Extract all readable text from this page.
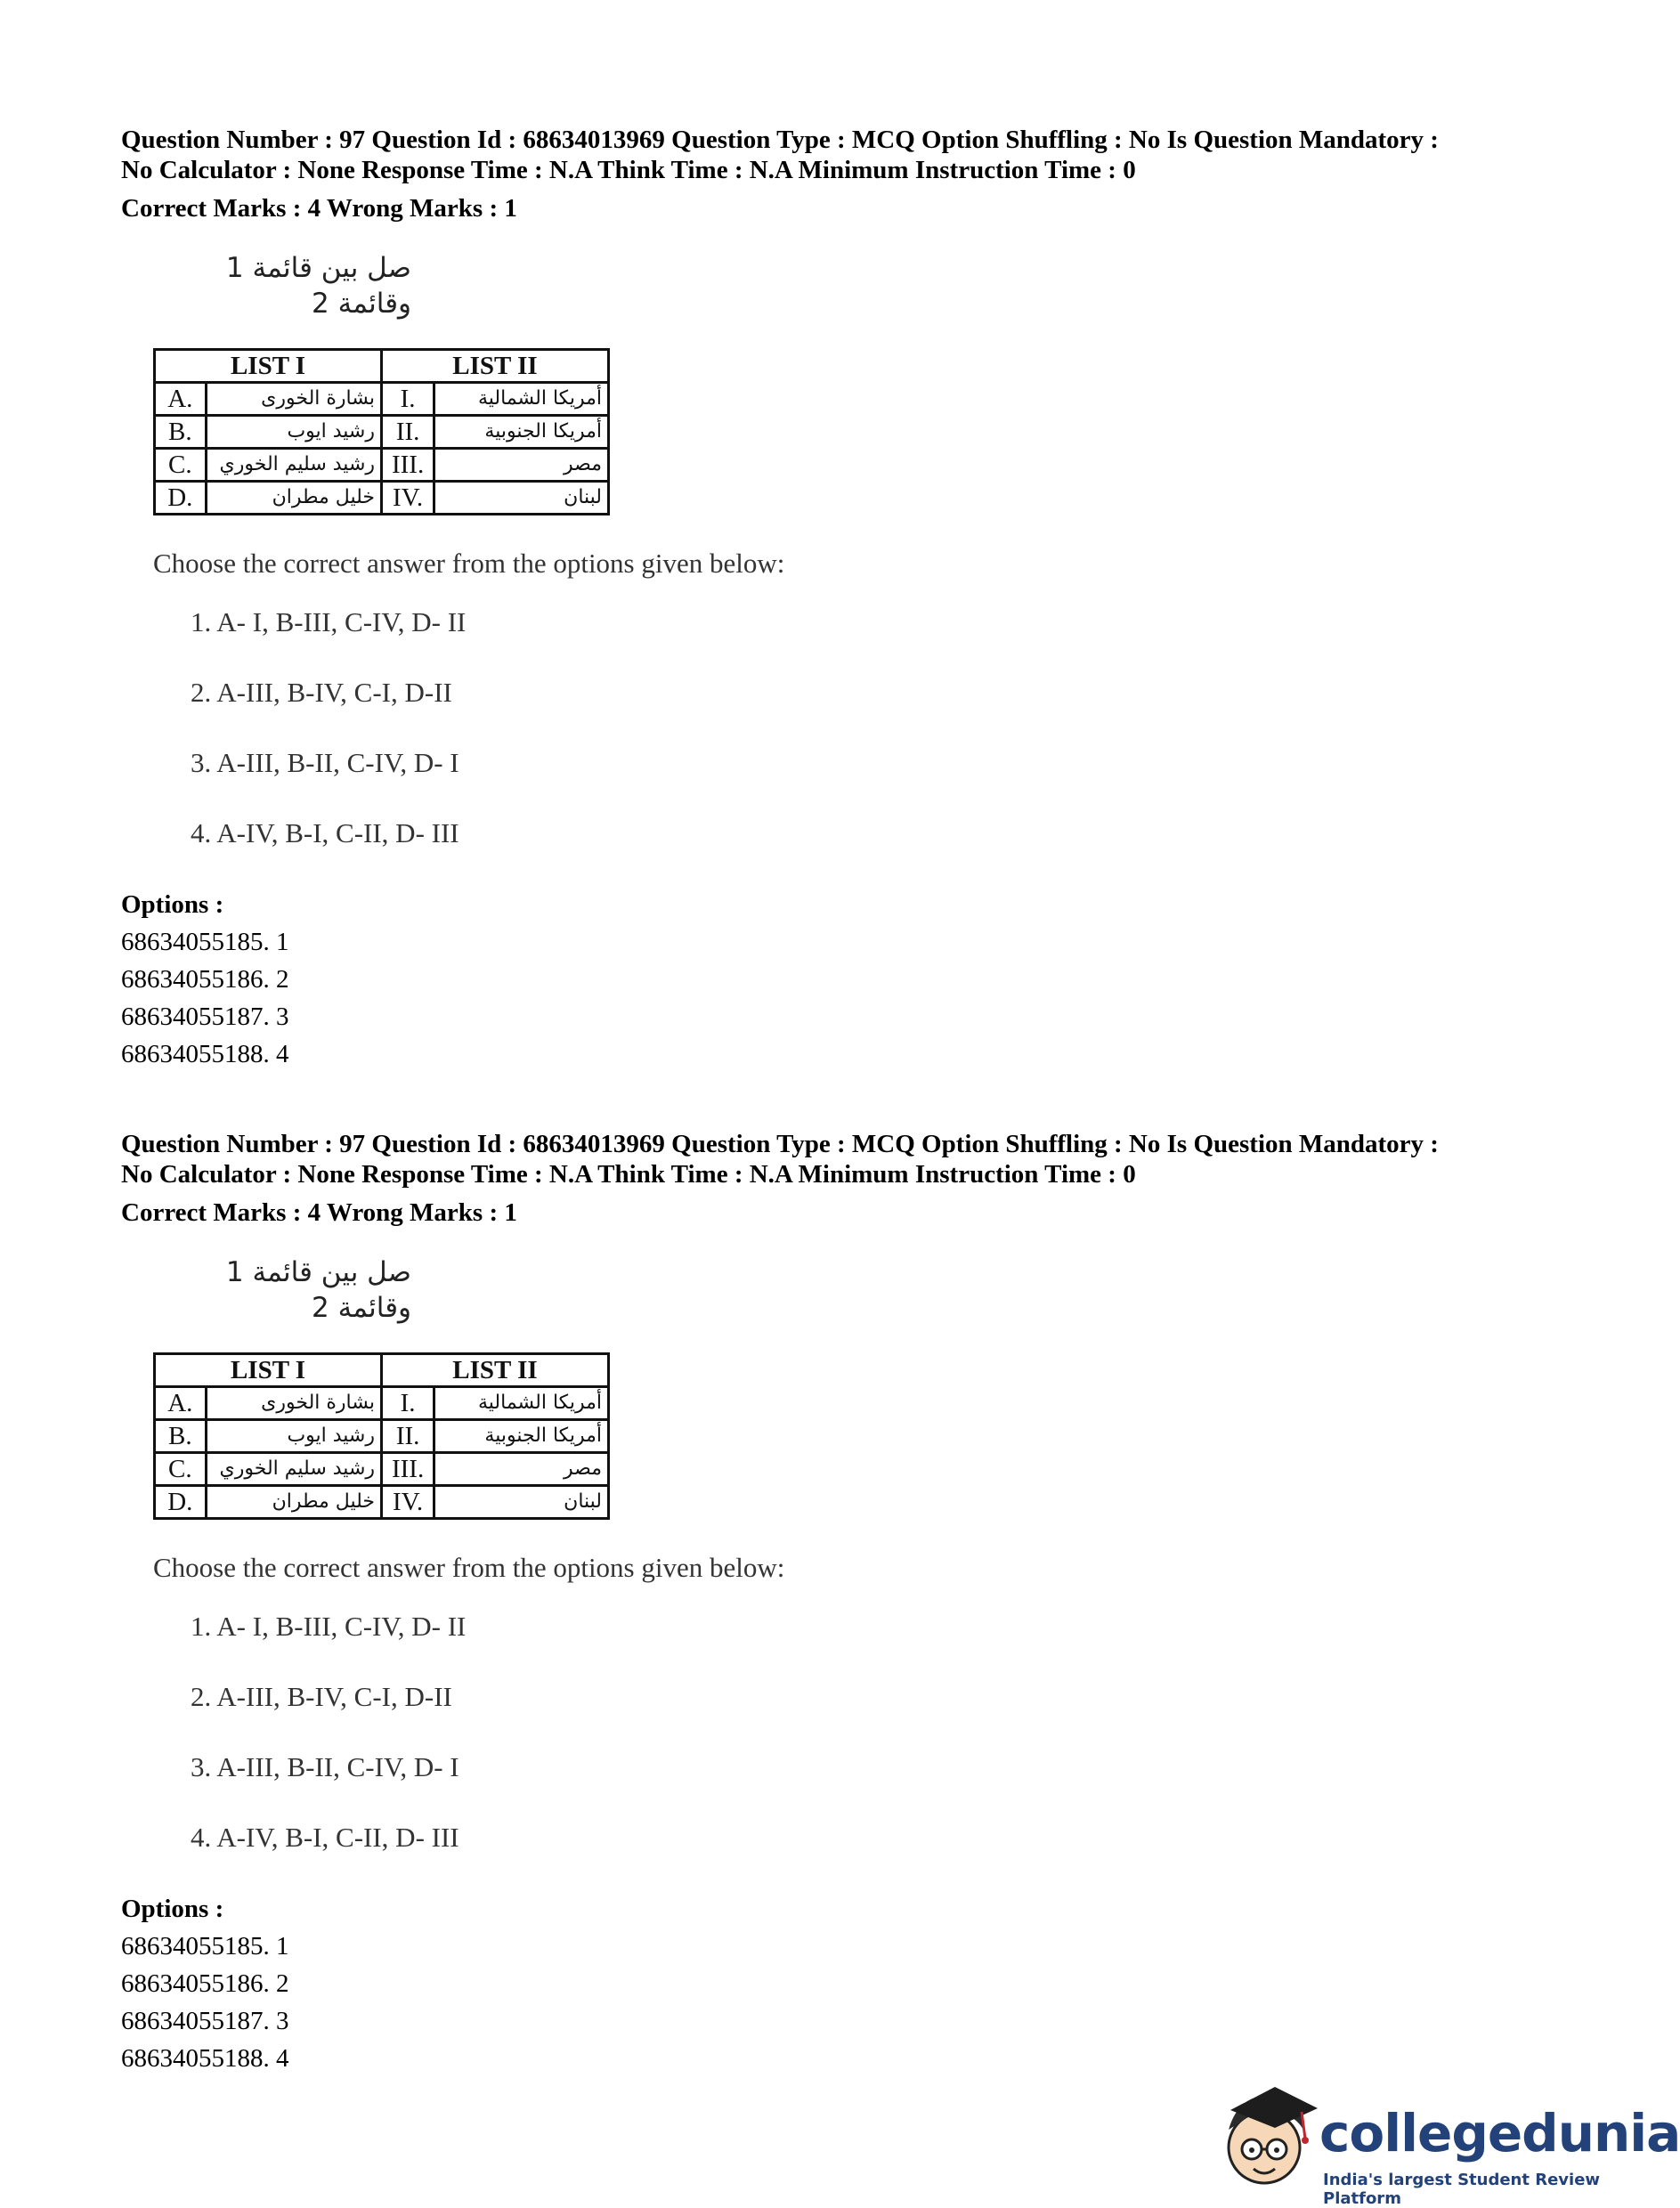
Question Number : 97 Question Id : 68634013969 Question Type : MCQ Option Shuffling : No Is Question Mandatory :
No Calculator : None Response Time : N.A Think Time : N.A Minimum Instruction Time : 0
Correct Marks : 4 Wrong Marks : 1
صل بين قائمة 1 وقائمة 2
LIST I		LIST II	
A.	بشارة الخورى	I.	أمريكا الشمالية
B.	رشيد ايوب	II.	أمريكا الجنوبية
C.	رشيد سليم الخوري	III.	مصر
D.	خليل مطران	IV.	لبنان
Choose the correct answer from the options given below:
1. A- I, B-III, C-IV, D- II
2. A-III, B-IV, C-I, D-II
3. A-III, B-II, C-IV, D- I
4. A-IV, B-I, C-II, D- III
Options :
68634055185. 1
68634055186. 2
68634055187. 3
68634055188. 4
Question Number : 97 Question Id : 68634013969 Question Type : MCQ Option Shuffling : No Is Question Mandatory :
No Calculator : None Response Time : N.A Think Time : N.A Minimum Instruction Time : 0
Correct Marks : 4 Wrong Marks : 1
صل بين قائمة 1 وقائمة 2
LIST I		LIST II	
A.	بشارة الخورى	I.	أمريكا الشمالية
B.	رشيد ايوب	II.	أمريكا الجنوبية
C.	رشيد سليم الخوري	III.	مصر
D.	خليل مطران	IV.	لبنان
Choose the correct answer from the options given below:
1. A- I, B-III, C-IV, D- II
2. A-III, B-IV, C-I, D-II
3. A-III, B-II, C-IV, D- I
4. A-IV, B-I, C-II, D- III
Options :
68634055185. 1
68634055186. 2
68634055187. 3
68634055188. 4
collegedunia
India's largest Student Review Platform
